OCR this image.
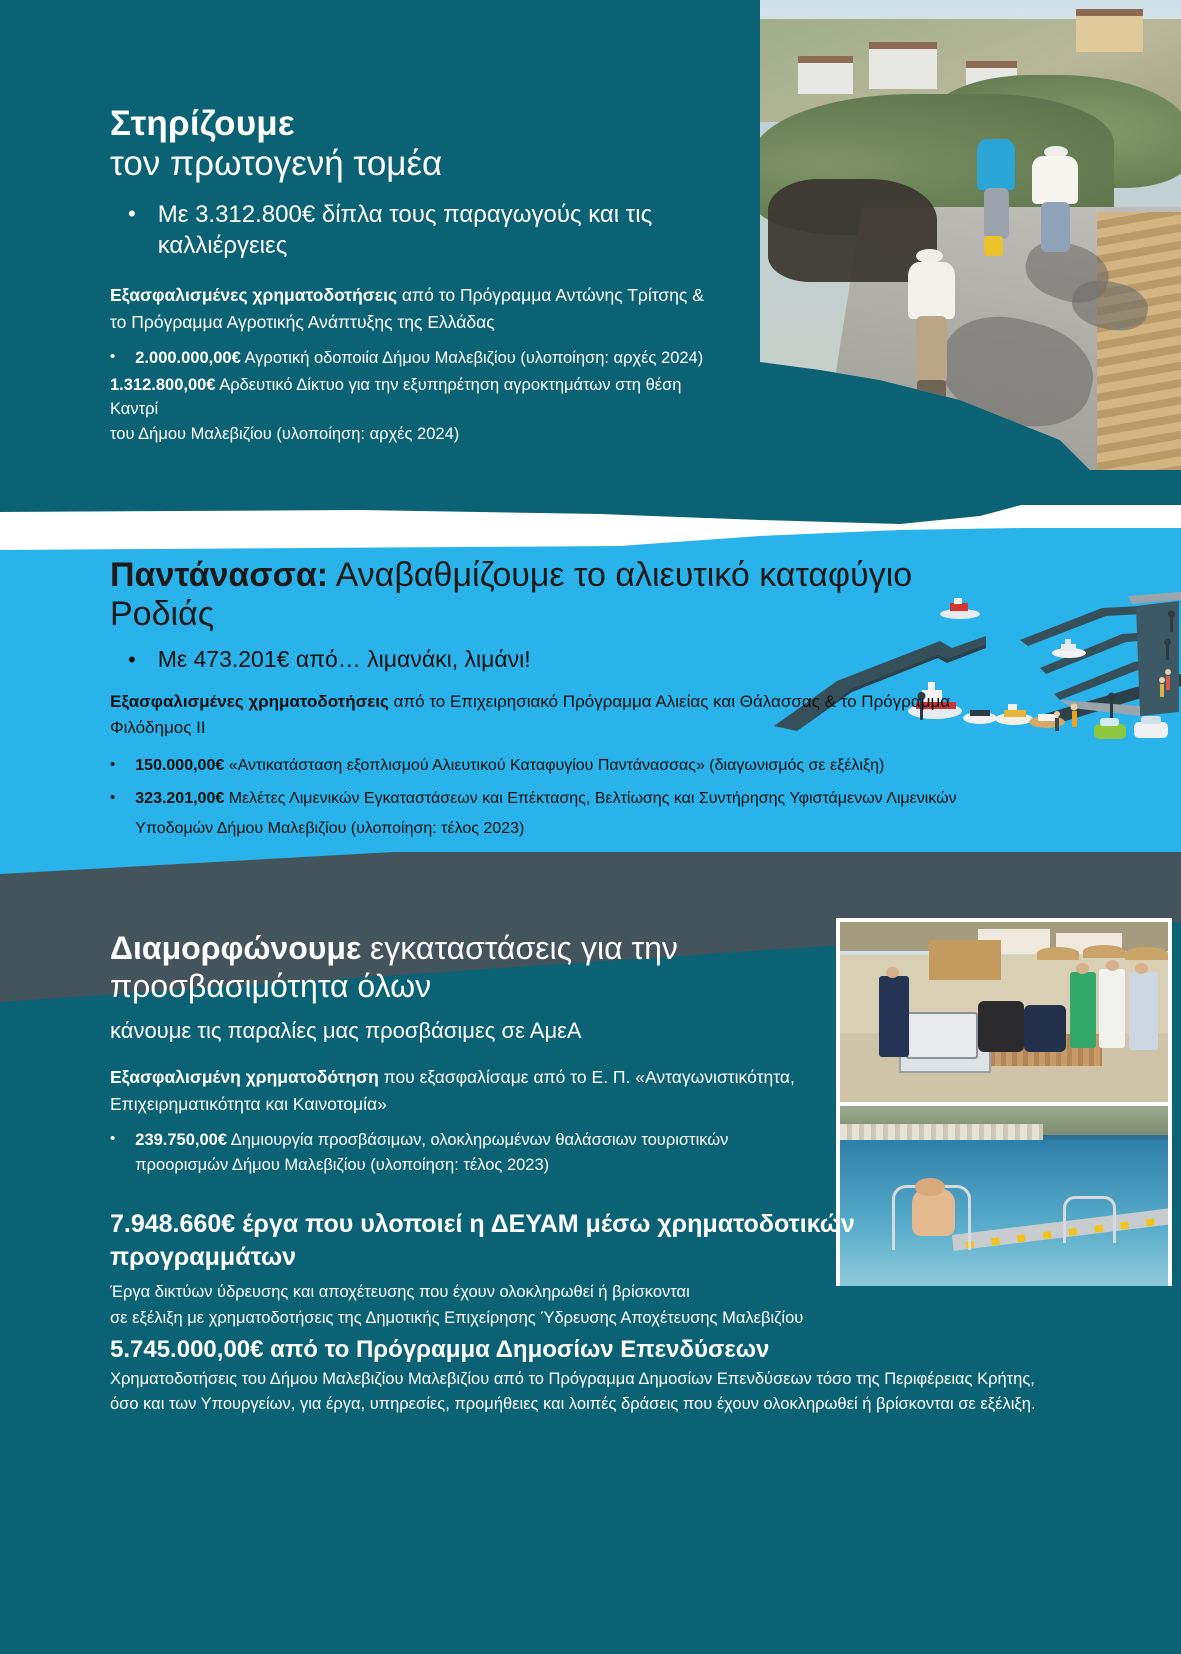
Στηρίζουμε
τον πρωτογενή τομέα
• Με 3.312.800€ δίπλα τους παραγωγούς και τις καλλιέργειες
Εξασφαλισμένες χρηματοδοτήσεις από το Πρόγραμμα Αντώνης Τρίτσης & το Πρόγραμμα Αγροτικής Ανάπτυξης της Ελλάδας
• 2.000.000,00€ Αγροτική οδοποιία Δήμου Μαλεβιζίου (υλοποίηση: αρχές 2024)
1.312.800,00€ Αρδευτικό Δίκτυο για την εξυπηρέτηση αγροκτημάτων στη θέση Καντρί
του Δήμου Μαλεβιζίου (υλοποίηση: αρχές 2024)
Παντάνασσα: Αναβαθμίζουμε το αλιευτικό καταφύγιο Ροδιάς
• Με 473.201€ από… λιμανάκι, λιμάνι!
Εξασφαλισμένες χρηματοδοτήσεις από το Επιχειρησιακό Πρόγραμμα Αλιείας και Θάλασσας & το Πρόγραμμα Φιλόδημος ΙΙ
• 150.000,00€ «Αντικατάσταση εξοπλισμού Αλιευτικού Καταφυγίου Παντάνασσας» (διαγωνισμός σε εξέλιξη)
• 323.201,00€ Μελέτες Λιμενικών Εγκαταστάσεων και Επέκτασης, Βελτίωσης και Συντήρησης Υφιστάμενων Λιμενικών Υποδομών Δήμου Μαλεβιζίου (υλοποίηση: τέλος 2023)
Διαμορφώνουμε εγκαταστάσεις για την προσβασιμότητα όλων
κάνουμε τις παραλίες μας προσβάσιμες σε ΑμεΑ
Εξασφαλισμένη χρηματοδότηση που εξασφαλίσαμε από το Ε. Π. «Ανταγωνιστικότητα, Επιχειρηματικότητα και Καινοτομία»
• 239.750,00€ Δημιουργία προσβάσιμων, ολοκληρωμένων θαλάσσιων τουριστικών προορισμών Δήμου Μαλεβιζίου (υλοποίηση: τέλος 2023)
7.948.660€ έργα που υλοποιεί η ΔΕΥΑΜ μέσω χρηματοδοτικών προγραμμάτων
Έργα δικτύων ύδρευσης και αποχέτευσης που έχουν ολοκληρωθεί ή βρίσκονται
σε εξέλιξη με χρηματοδοτήσεις της Δημοτικής Επιχείρησης Ύδρευσης Αποχέτευσης Μαλεβιζίου
5.745.000,00€ από το Πρόγραμμα Δημοσίων Επενδύσεων
Χρηματοδοτήσεις του Δήμου Μαλεβιζίου Μαλεβιζίου από το Πρόγραμμα Δημοσίων Επενδύσεων τόσο της Περιφέρειας Κρήτης, όσο και των Υπουργείων, για έργα, υπηρεσίες, προμήθειες και λοιπές δράσεις που έχουν ολοκληρωθεί ή βρίσκονται σε εξέλιξη.
